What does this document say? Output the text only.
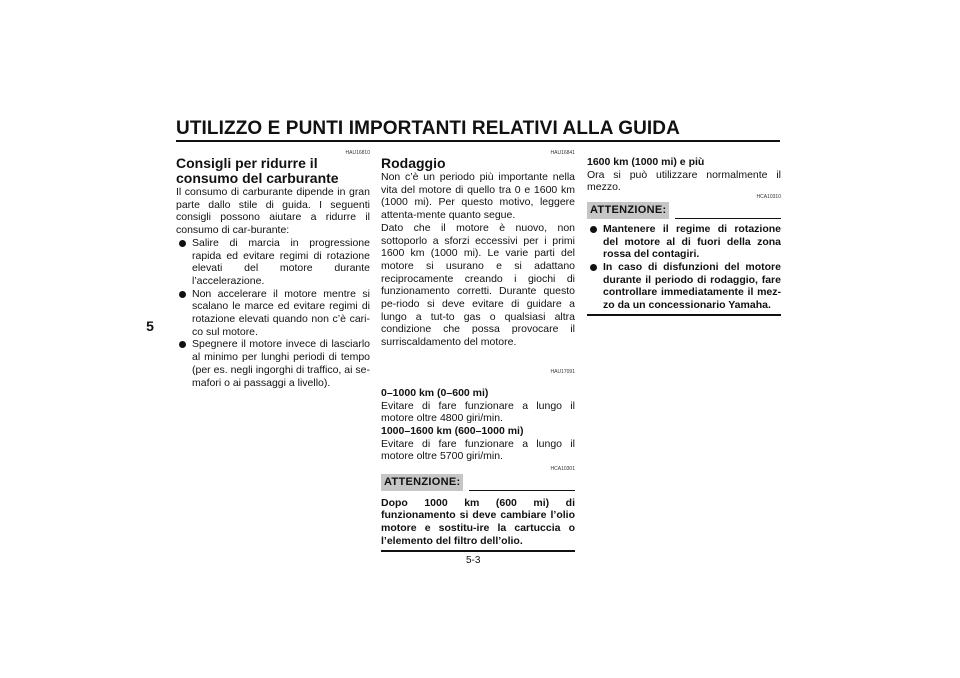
UTILIZZO E PUNTI IMPORTANTI RELATIVI ALLA GUIDA
5
HAU16810
Consigli per ridurre il consumo del carburante

Il consumo di carburante dipende in gran parte dallo stile di guida. I seguenti consigli possono aiutare a ridurre il consumo di car-burante:

Salire di marcia in progressione rapida ed evitare regimi di rotazione elevati del motore durante l’accelerazione.
Non accelerare il motore mentre si scalano le marce ed evitare regimi di rotazione elevati quando non c’è cari-co sul motore.
Spegnere il motore invece di lasciarlo al minimo per lunghi periodi di tempo (per es. negli ingorghi di traffico, ai se-mafori o ai passaggi a livello).
HAU16841
Rodaggio

Non c’è un periodo più importante nella vita del motore di quello tra 0 e 1600 km (1000 mi). Per questo motivo, leggere attenta-mente quanto segue.

Dato che il motore è nuovo, non sottoporlo a sforzi eccessivi per i primi 1600 km (1000 mi). Le varie parti del motore si usurano e si adattano reciprocamente creando i giochi di funzionamento corretti. Durante questo pe-riodo si deve evitare di guidare a lungo a tut-to gas o qualsiasi altra condizione che possa provocare il surriscaldamento del motore.

HAU17091

0–1000 km (0–600 mi)

Evitare di fare funzionare a lungo il motore oltre 4800 giri/min.

1000–1600 km (600–1000 mi)

Evitare di fare funzionare a lungo il motore oltre 5700 giri/min.

HCA10301
ATTENZIONE:

Dopo 1000 km (600 mi) di funzionamento si deve cambiare l’olio motore e sostitu-ire la cartuccia o l’elemento del filtro dell’olio.

1600 km (1000 mi) e più

Ora si può utilizzare normalmente il mezzo.

HCA10310
ATTENZIONE:
Mantenere il regime di rotazione del motore al di fuori della zona rossa del contagiri.
In caso di disfunzioni del motore durante il periodo di rodaggio, fare controllare immediatamente il mez-zo da un concessionario Yamaha.
5-3
